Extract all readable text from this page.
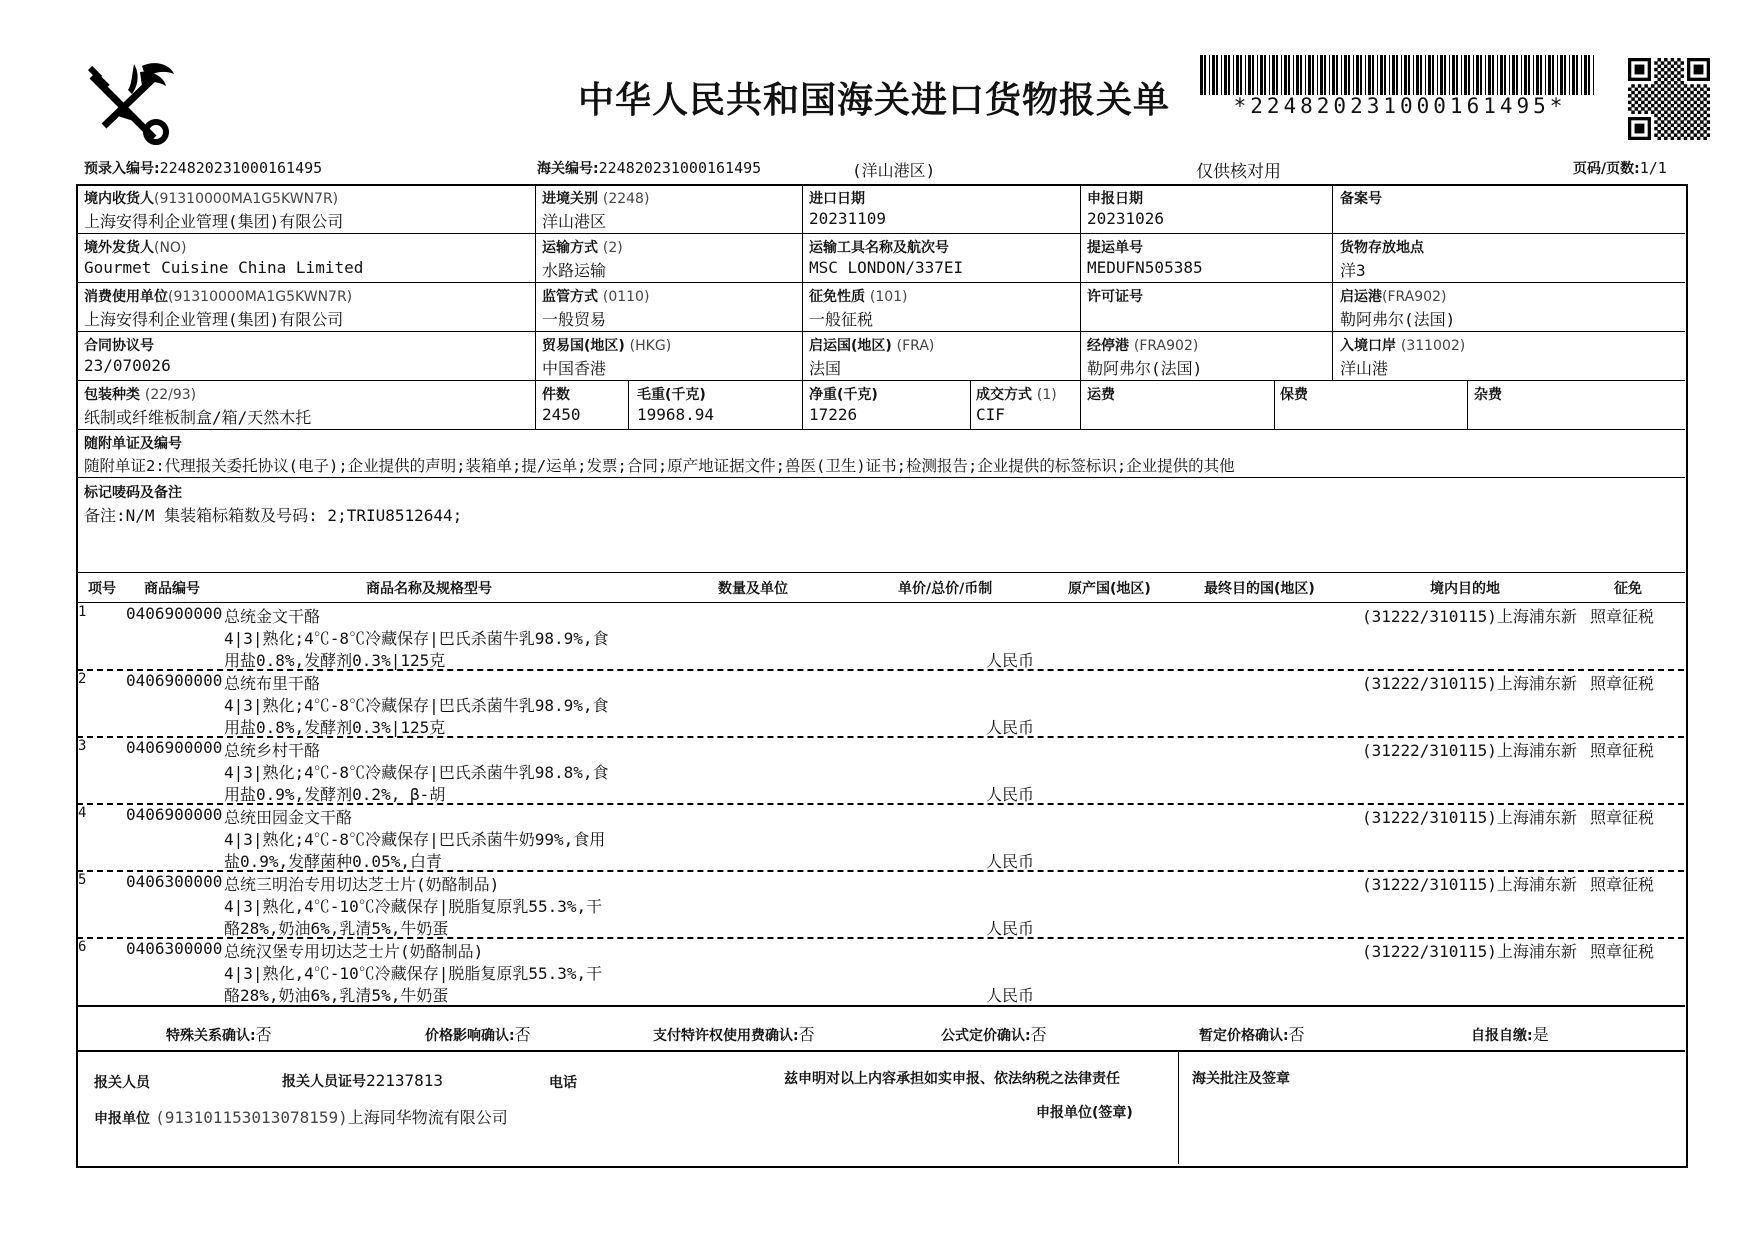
中华人民共和国海关进口货物报关单	*224820231000161495*
预录入编号:224820231000161495	海关编号:224820231000161495	(洋山港区)	仅供核对用	页码/页数:1/1
境内收货人(91310000MA1G5KWN7R)
上海安得利企业管理(集团)有限公司
进境关别 (2248)
洋山港区
进口日期
20231109
申报日期
20231026
备案号
境外发货人(NO)
Gourmet Cuisine China Limited
运输方式 (2)
水路运输
运输工具名称及航次号
MSC LONDON/337EI
提运单号
MEDUFN505385
货物存放地点
洋3
消费使用单位(91310000MA1G5KWN7R)
上海安得利企业管理(集团)有限公司
监管方式 (0110)
一般贸易
征免性质 (101)
一般征税
许可证号	启运港(FRA902)
勒阿弗尔(法国)
合同协议号
23/070026
贸易国(地区) (HKG)
中国香港
启运国(地区) (FRA)
法国
经停港 (FRA902)
勒阿弗尔(法国)
入境口岸 (311002)
洋山港
包装种类 (22/93)
纸制或纤维板制盒/箱/天然木托
件数
2450
毛重(千克)
19968.94
净重(千克)
17226
成交方式 (1)
CIF
运费	保费	杂费
随附单证及编号
随附单证2:代理报关委托协议(电子);企业提供的声明;装箱单;提/运单;发票;合同;原产地证据文件;兽医(卫生)证书;检测报告;企业提供的标签标识;企业提供的其他
标记唛码及备注
备注:N/M 集装箱标箱数及号码: 2;TRIU8512644;
项号 商品编号	商品名称及规格型号	数量及单位	单价/总价/币制	原产国(地区)	最终目的国(地区)	境内目的地	征免
1 0406900000 总统金文干酪
4|3|熟化;4℃-8℃冷藏保存|巴氏杀菌牛乳98.9%,食
用盐0.8%,发酵剂0.3%|125克	人民币
(31222/310115)上海浦东新 照章征税
2 0406900000 总统布里干酪
4|3|熟化;4℃-8℃冷藏保存|巴氏杀菌牛乳98.9%,食
用盐0.8%,发酵剂0.3%|125克	人民币
(31222/310115)上海浦东新 照章征税
3 0406900000 总统乡村干酪
4|3|熟化;4℃-8℃冷藏保存|巴氏杀菌牛乳98.8%,食
用盐0.9%,发酵剂0.2%, β-胡	人民币
(31222/310115)上海浦东新 照章征税
4 0406900000 总统田园金文干酪
4|3|熟化;4℃-8℃冷藏保存|巴氏杀菌牛奶99%,食用
盐0.9%,发酵菌种0.05%,白青	人民币
(31222/310115)上海浦东新 照章征税
5 0406300000 总统三明治专用切达芝士片(奶酪制品)
4|3|熟化,4℃-10℃冷藏保存|脱脂复原乳55.3%,干
酪28%,奶油6%,乳清5%,牛奶蛋	人民币
(31222/310115)上海浦东新 照章征税
6 0406300000 总统汉堡专用切达芝士片(奶酪制品)
4|3|熟化,4℃-10℃冷藏保存|脱脂复原乳55.3%,干
酪28%,奶油6%,乳清5%,牛奶蛋	人民币
(31222/310115)上海浦东新 照章征税
特殊关系确认:否	价格影响确认:否	支付特许权使用费确认:否	公式定价确认:否	暂定价格确认:否	自报自缴:是
报关人员	报关人员证号22137813	电话	兹申明对以上内容承担如实申报、依法纳税之法律责任	海关批注及签章
申报单位 (913101153013078159)上海同华物流有限公司	申报单位(签章)
